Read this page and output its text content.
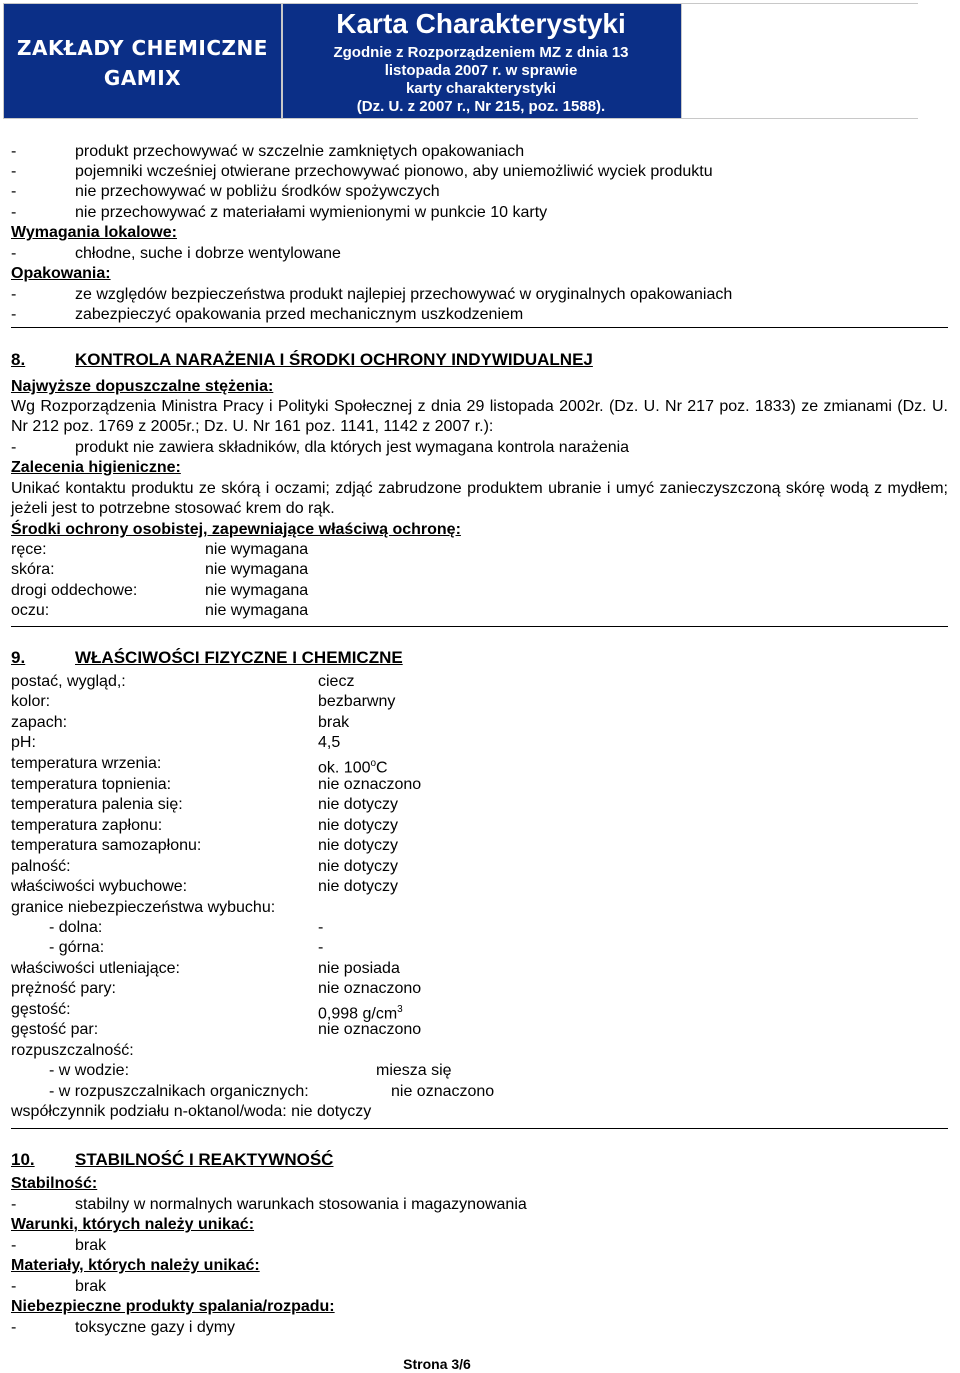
ZAKŁADY CHEMICZNE
GAMIX
Karta Charakterystyki
Zgodnie z Rozporządzeniem MZ z dnia 13
listopada 2007 r. w sprawie
karty charakterystyki
(Dz. U. z 2007 r., Nr 215, poz. 1588).
-	produkt przechowywać w szczelnie zamkniętych opakowaniach
-	pojemniki wcześniej otwierane przechowywać pionowo, aby uniemożliwić wyciek produktu
-	nie przechowywać w pobliżu środków spożywczych
-	nie przechowywać z materiałami wymienionymi w punkcie 10 karty
Wymagania lokalowe:
-	chłodne, suche i dobrze wentylowane
Opakowania:
-	ze względów bezpieczeństwa produkt najlepiej przechowywać w oryginalnych opakowaniach
-	zabezpieczyć opakowania przed mechanicznym uszkodzeniem
8.	KONTROLA NARAŻENIA I ŚRODKI OCHRONY INDYWIDUALNEJ
Najwyższe dopuszczalne stężenia:
Wg Rozporządzenia Ministra Pracy i Polityki Społecznej z dnia 29 listopada 2002r. (Dz. U. Nr 217 poz. 1833) ze zmianami (Dz. U. Nr 212 poz. 1769 z 2005r.; Dz. U. Nr 161 poz. 1141, 1142 z 2007 r.):
-	produkt nie zawiera składników, dla których jest wymagana kontrola narażenia
Zalecenia higieniczne:
Unikać kontaktu produktu ze skórą i oczami; zdjąć zabrudzone produktem ubranie i umyć zanieczyszczoną skórę wodą z mydłem; jeżeli jest to potrzebne stosować krem do rąk.
Środki ochrony osobistej, zapewniające właściwą ochronę:
ręce:	nie wymagana
skóra:	nie wymagana
drogi oddechowe:	nie wymagana
oczu:	nie wymagana
9.	WŁAŚCIWOŚCI FIZYCZNE I CHEMICZNE
postać, wygląd,:	ciecz
kolor:	bezbarwny
zapach:	brak
pH:	4,5
temperatura wrzenia:	ok. 100$^o$C
temperatura topnienia:	nie oznaczono
temperatura palenia się:	nie dotyczy
temperatura zapłonu:	nie dotyczy
temperatura samozapłonu:	nie dotyczy
palność:	nie dotyczy
właściwości wybuchowe:	nie dotyczy
granice niebezpieczeństwa wybuchu:
- dolna:	-
- górna:	-
właściwości utleniające:	nie posiada
prężność pary:	nie oznaczono
gęstość:	0,998 $g/cm^3$
gęstość par:	nie oznaczono
rozpuszczalność:
- w wodzie:	miesza się
- w rozpuszczalnikach organicznych:	nie oznaczono
współczynnik podziału n-oktanol/woda: nie dotyczy
10. STABILNOŚĆ I REAKTYWNOŚĆ
Stabilność:
-	stabilny w normalnych warunkach stosowania i magazynowania
Warunki, których należy unikać:
-	brak
Materiały, których należy unikać:
-	brak
Niebezpieczne produkty spalania/rozpadu:
-	toksyczne gazy i dymy
Strona 3/6
